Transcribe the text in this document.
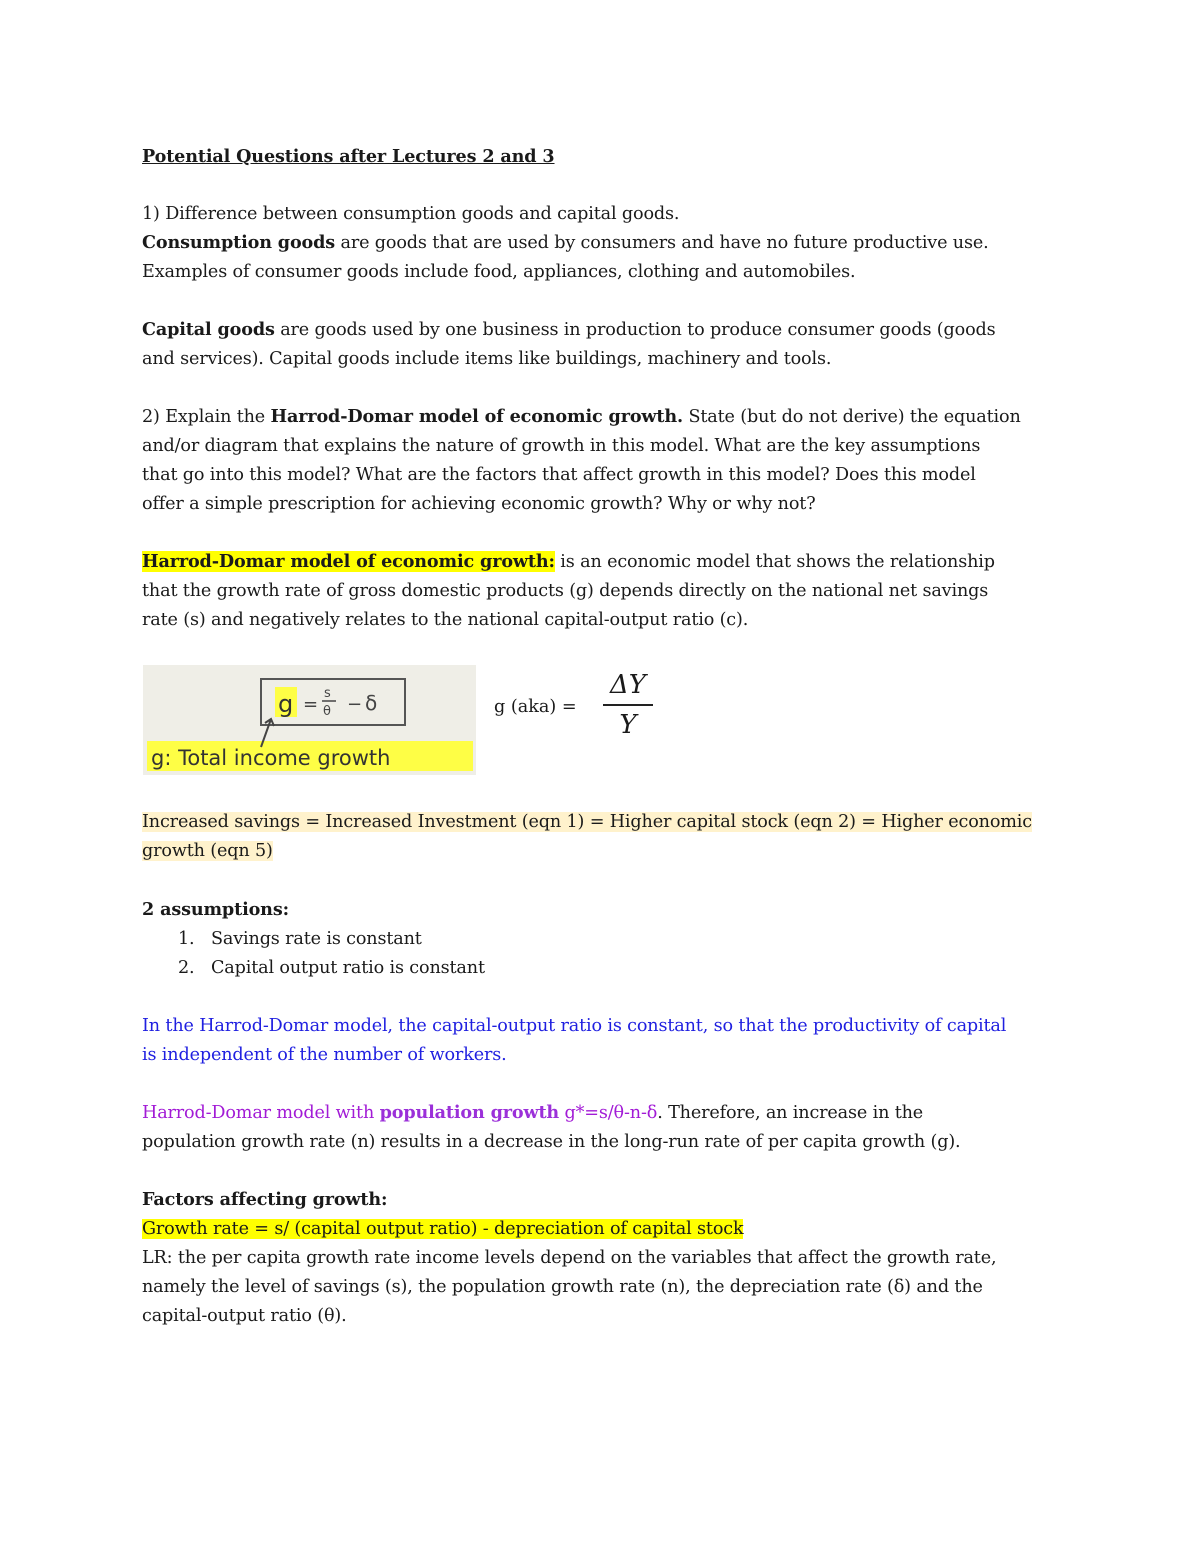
Potential Questions after Lectures 2 and 3
1) Difference between consumption goods and capital goods.
Consumption goods are goods that are used by consumers and have no future productive use.
Examples of consumer goods include food, appliances, clothing and automobiles.
Capital goods are goods used by one business in production to produce consumer goods (goods
and services). Capital goods include items like buildings, machinery and tools.
2) Explain the Harrod-Domar model of economic growth. State (but do not derive) the equation
and/or diagram that explains the nature of growth in this model. What are the key assumptions
that go into this model? What are the factors that affect growth in this model? Does this model
offer a simple prescription for achieving economic growth? Why or why not?
Harrod-Domar model of economic growth: is an economic model that shows the relationship
that the growth rate of gross domestic products (g) depends directly on the national net savings
rate (s) and negatively relates to the national capital-output ratio (c).
g =
s
θ − δ
g: Total income growth
g (aka) =
ΔY
Y
Increased savings = Increased Investment (eqn 1) = Higher capital stock (eqn 2) = Higher economic
growth (eqn 5)
2 assumptions:
1. Savings rate is constant
2. Capital output ratio is constant
In the Harrod-Domar model, the capital-output ratio is constant, so that the productivity of capital
is independent of the number of workers.
Harrod-Domar model with population growth g*=s/θ-n-δ. Therefore, an increase in the
population growth rate (n) results in a decrease in the long-run rate of per capita growth (g).
Factors affecting growth:
Growth rate = s/ (capital output ratio) - depreciation of capital stock
LR: the per capita growth rate income levels depend on the variables that affect the growth rate,
namely the level of savings (s), the population growth rate (n), the depreciation rate (δ) and the
capital-output ratio (θ).
